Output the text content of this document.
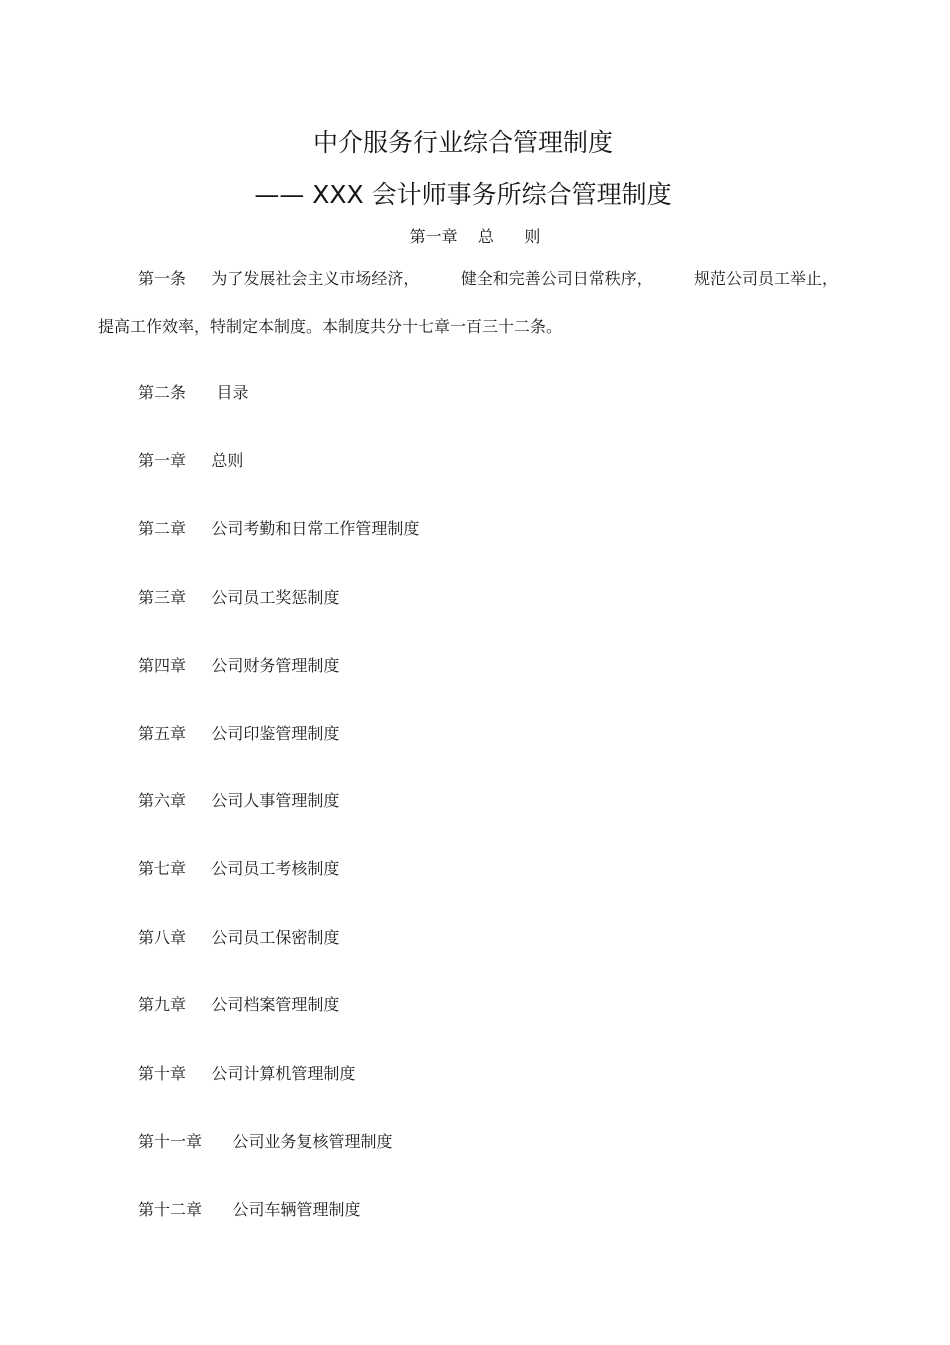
中介服务行业综合管理制度
—— XXX 会计师事务所综合管理制度
第一章    总      则
第一条     为了发展社会主义市场经济，	健全和完善公司日常秩序，	规范公司员工举止，
提高工作效率，特制定本制度。本制度共分十七章一百三十二条。
第二条      目录
第一章     总则
第二章     公司考勤和日常工作管理制度
第三章     公司员工奖惩制度
第四章     公司财务管理制度
第五章     公司印鉴管理制度
第六章     公司人事管理制度
第七章     公司员工考核制度
第八章     公司员工保密制度
第九章     公司档案管理制度
第十章     公司计算机管理制度
第十一章      公司业务复核管理制度
第十二章      公司车辆管理制度
